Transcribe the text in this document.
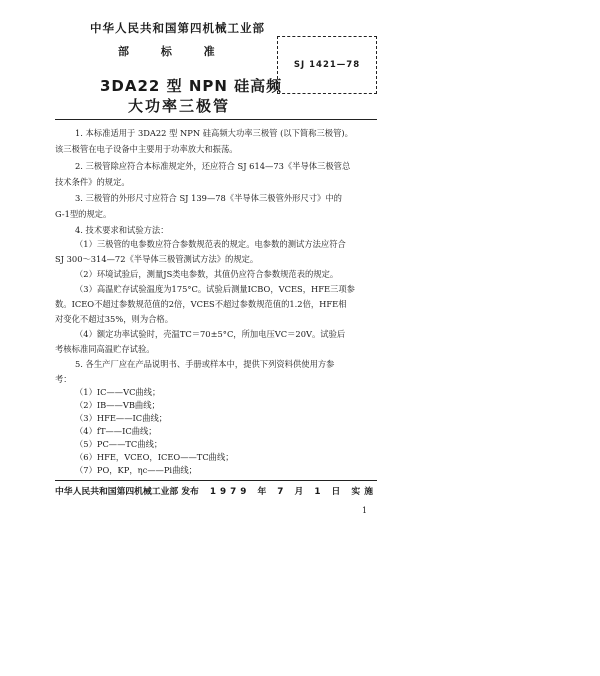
中华人民共和国第四机械工业部
部 标 准
SJ 1421—78
3DA22 型 NPN 硅高频
大功率三极管
1. 本标准适用于 3DA22 型 NPN 硅高频大功率三极管 (以下简称三极管)。
该三极管在电子设备中主要用于功率放大和振荡。
2. 三极管除应符合本标准规定外，还应符合 SJ 614—73《半导体三极管总
技术条件》的规定。
3. 三极管的外形尺寸应符合 SJ 139—78《半导体三极管外形尺寸》中的
G-1型的规定。
4. 技术要求和试验方法：
（1）三极管的电参数应符合参数规范表的规定。电参数的测试方法应符合
SJ 300～314—72《半导体三极管测试方法》的规定。
（2）环境试验后，测量JS类电参数，其值仍应符合参数规范表的规定。
（3）高温贮存试验温度为175°C。试验后测量ICBO，VCES，HFE三项参
数。ICEO不超过参数规范值的2倍，VCES不超过参数规范值的1.2倍，HFE相
对变化不超过35%，则为合格。
（4）额定功率试验时，壳温TC＝70±5°C，所加电压VC＝20V。试验后
考核标准同高温贮存试验。
5. 各生产厂应在产品说明书、手册或样本中，提供下列资料供使用方参
考：
（1）IC——VC曲线；
（2）IB——VB曲线；
（3）HFE——IC曲线；
（4）fT——IC曲线；
（5）PC——TC曲线；
（6）HFE，VCEO，ICEO——TC曲线；
中华人民共和国第四机械工业部 发布 1979 年 7 月 1 日 实施
1
（7）PO，KP，ηc——Pi曲线；
